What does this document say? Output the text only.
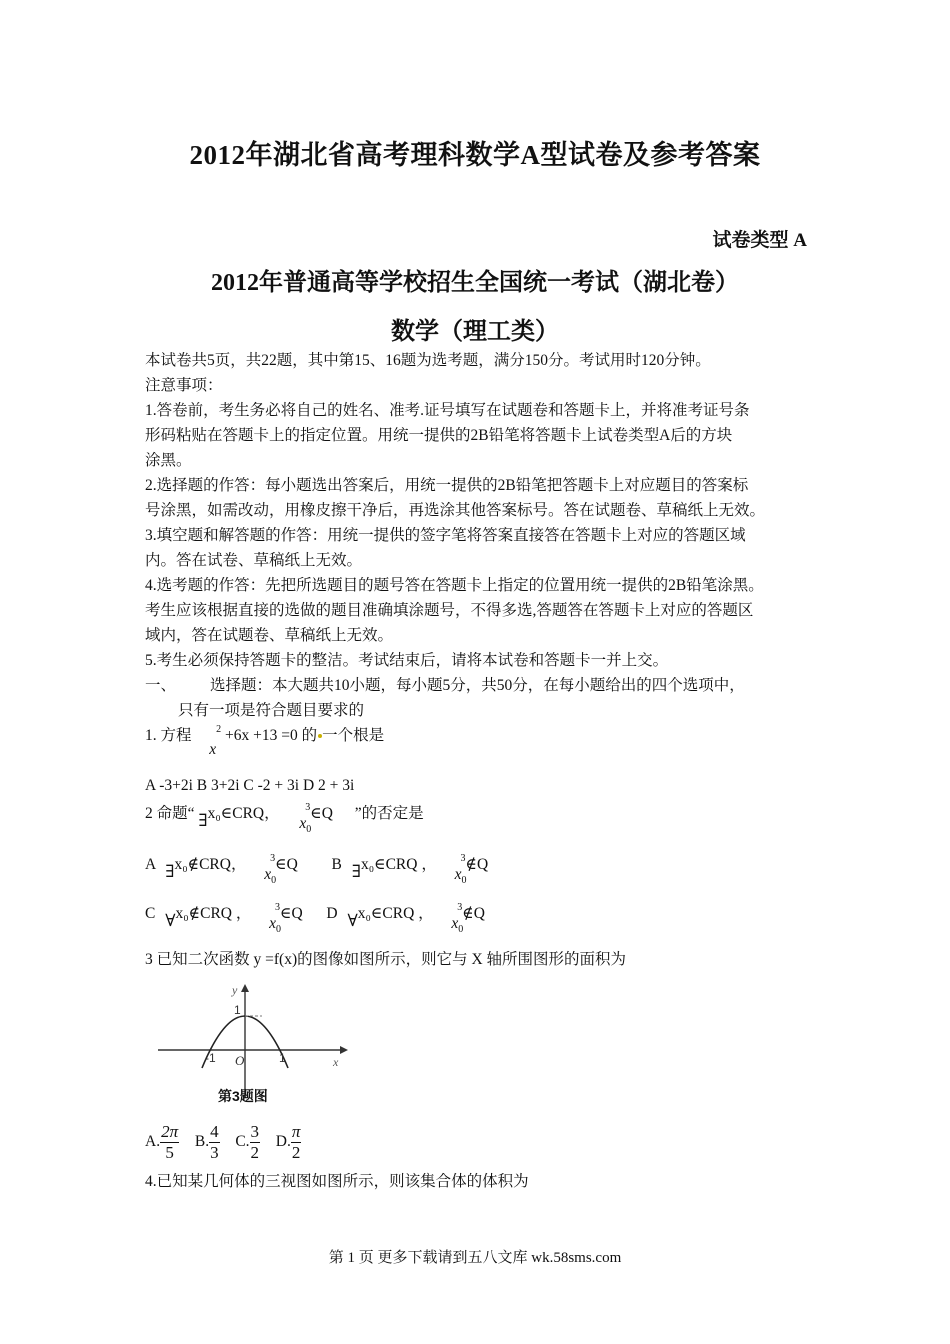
2012年湖北省高考理科数学A型试卷及参考答案
试卷类型 A
2012年普通高等学校招生全国统一考试（湖北卷）
数学（理工类）
本试卷共5页，共22题，其中第15、16题为选考题，满分150分。考试用时120分钟。
注意事项：
1.答卷前，考生务必将自己的姓名、准考.证号填写在试题卷和答题卡上，并将准考证号条
形码粘贴在答题卡上的指定位置。用统一提供的2B铅笔将答题卡上试卷类型A后的方块
涂黑。
2.选择题的作答：每小题选出答案后，用统一提供的2B铅笔把答题卡上对应题目的答案标
号涂黑，如需改动，用橡皮擦干净后，再选涂其他答案标号。答在试题卷、草稿纸上无效。
3.填空题和解答题的作答：用统一提供的签字笔将答案直接答在答题卡上对应的答题区域
内。答在试卷、草稿纸上无效。
4.选考题的作答：先把所选题目的题号答在答题卡上指定的位置用统一提供的2B铅笔涂黑。
考生应该根据直接的选做的题目准确填涂题号，不得多选,答题答在答题卡上对应的答题区
域内，答在试题卷、草稿纸上无效。
5.考生必须保持答题卡的整洁。考试结束后，请将本试卷和答题卡一并上交。
一、 选择题：本大题共10小题，每小题5分，共50分，在每小题给出的四个选项中，
只有一项是符合题目要求的
1. 方程  $x^2 +6x +13 =0$ 的 一个根是
A -3+2i B 3+2i C -2 + 3i D 2 + 3i
2 命题“ ∃x₀∈CRQ，  $x_0^3\in Q$ ”的否定是
A ∃x₀∉CRQ，  $x_0^3\in Q$ B ∃x₀∈CRQ ，  $x_0^3\notin Q$
C ∀x₀∉CRQ ，  $x_0^3\in Q$ D ∀x₀∈CRQ ，  $x_0^3\notin Q$
3 已知二次函数 y =f(x)的图像如图所示，则它与 X 轴所围图形的面积为
y
x
1
O
-1	1
第3题图
A. $\frac{2\pi}{5} B$. $\frac{4}{3} C$. $\frac{3}{2} D$. $\frac{\pi}{2}$
4.已知某几何体的三视图如图所示，则该集合体的体积为
第 1 页 更多下载请到五八文库 wk.58sms.com
